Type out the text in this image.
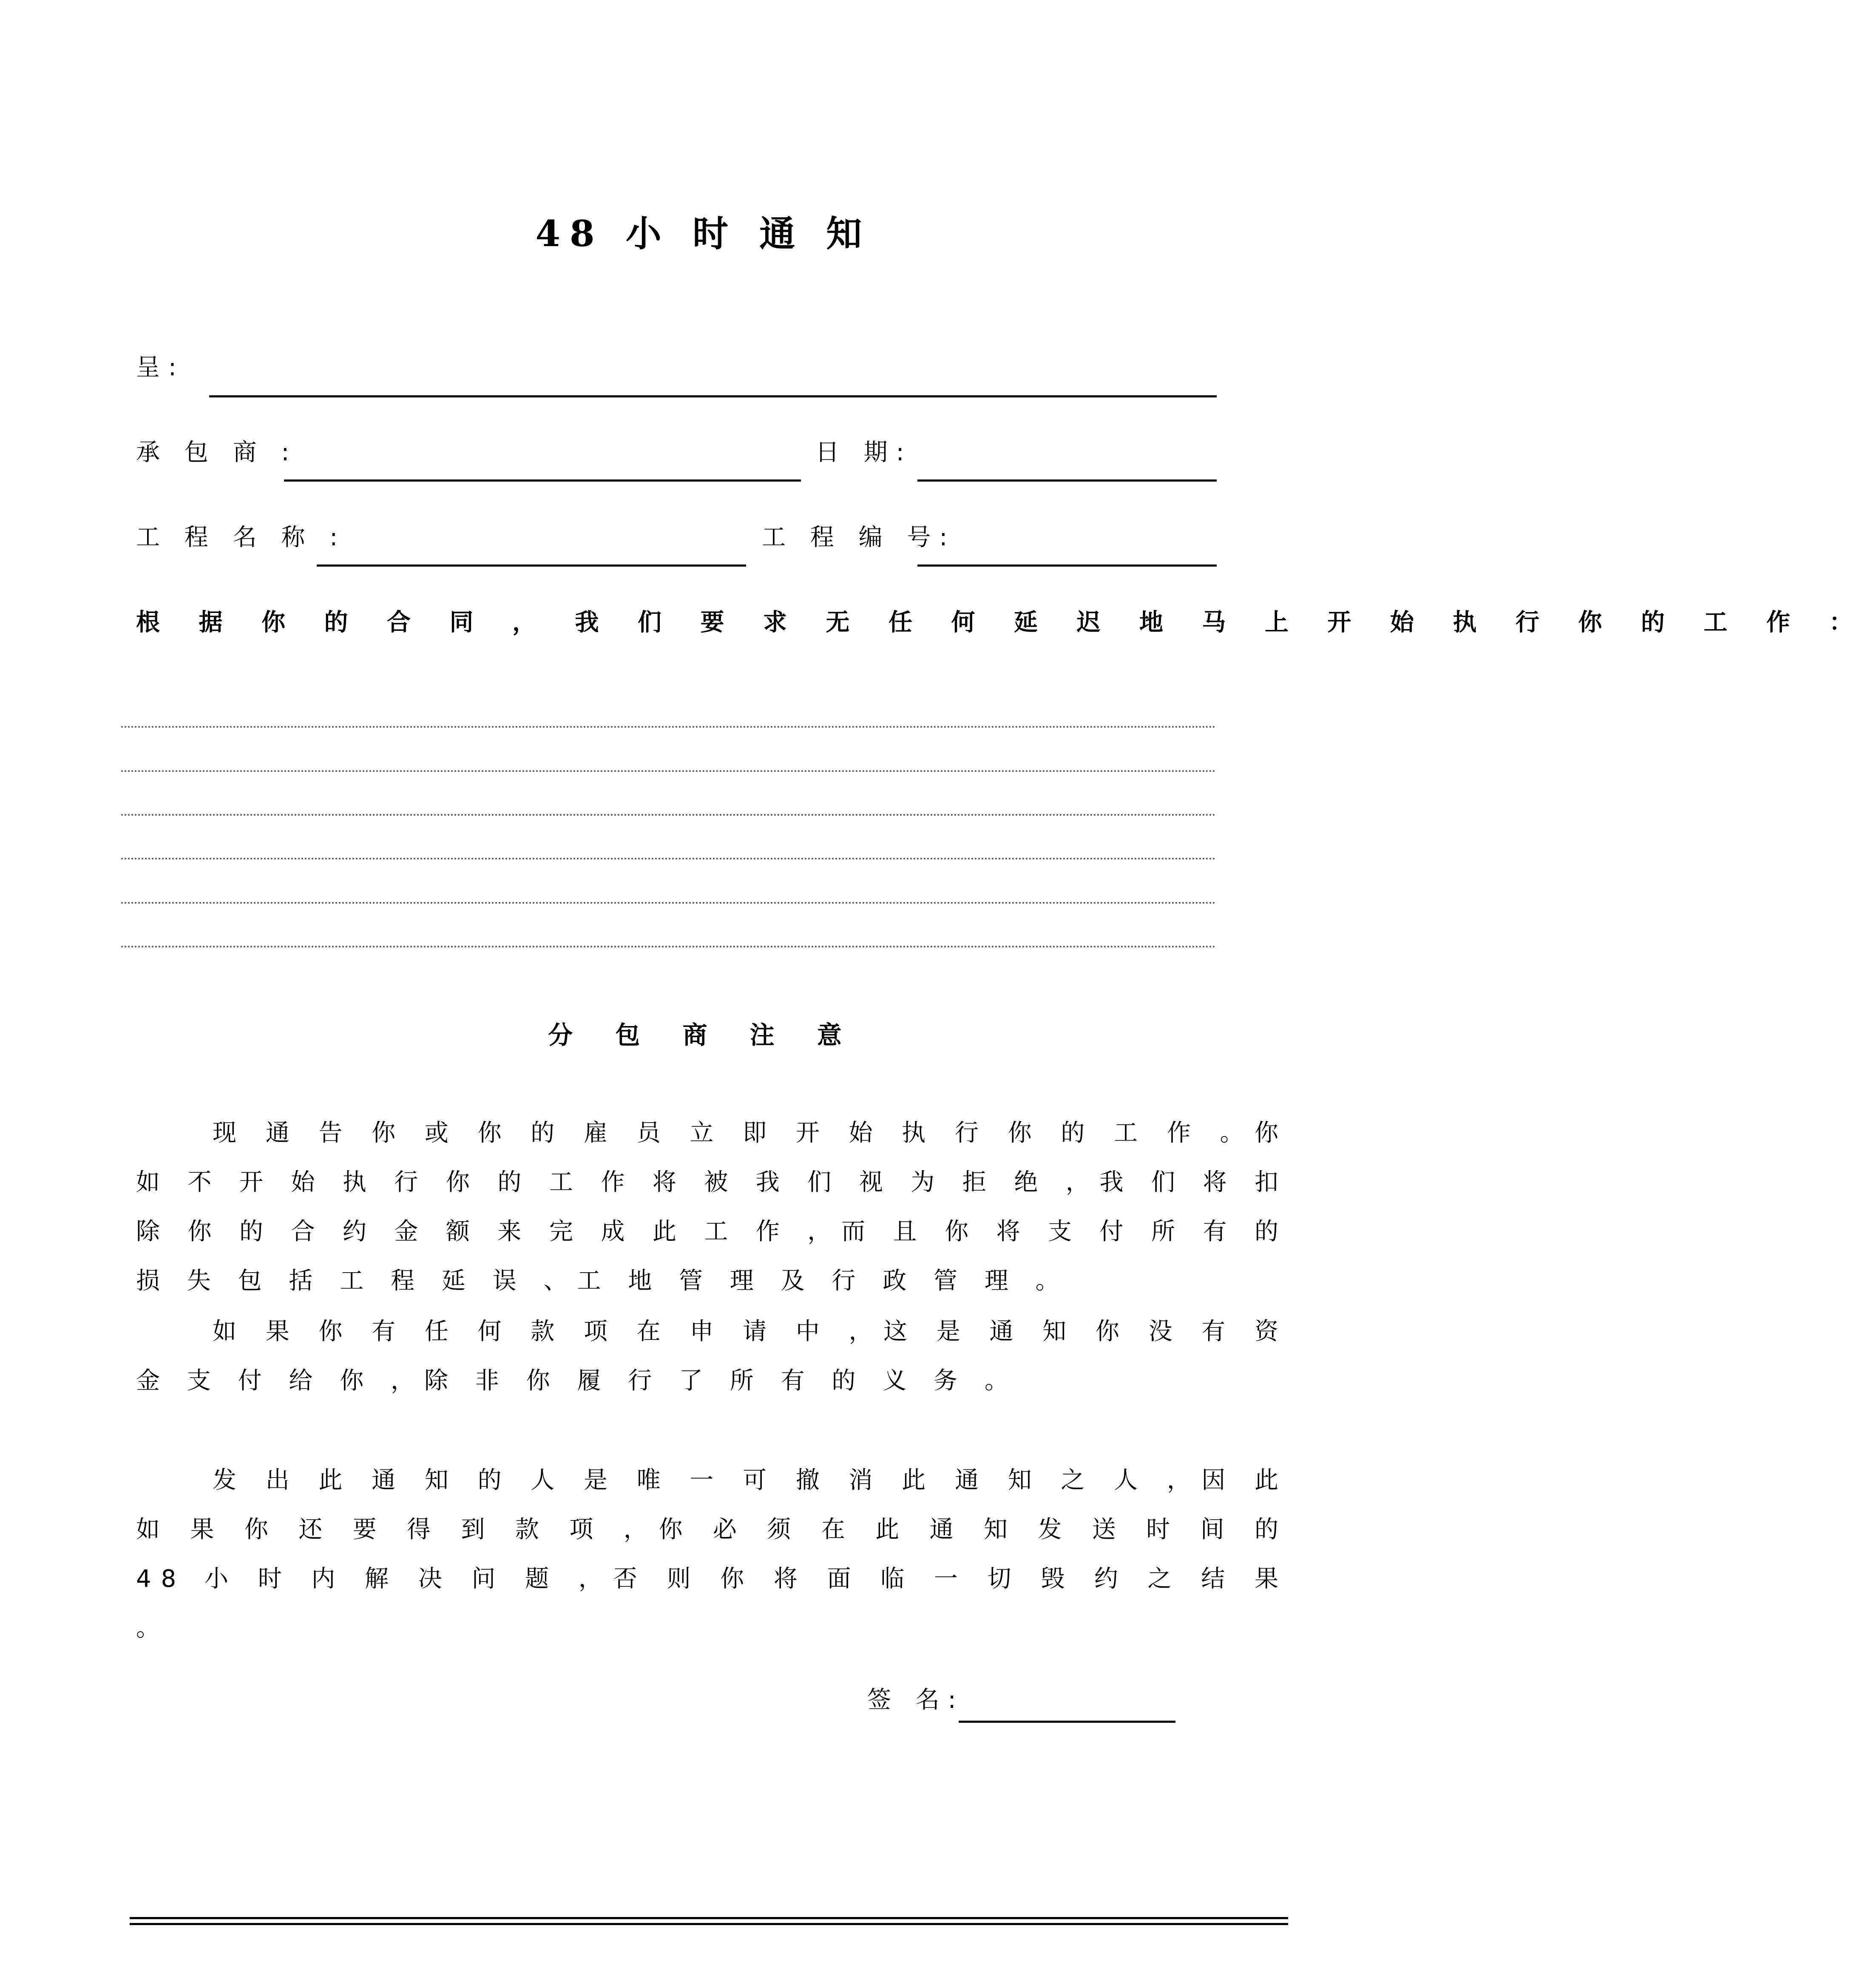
48 小 时 通 知
呈:
承 包 商 :	日 期:
工 程 名 称 :	工 程 编 号:
根 据 你 的 合 同 ， 我 们 要 求 无 任 何 延 迟 地 马 上 开 始 执 行 你 的 工 作 ：
分 包 商 注 意
现 通 告 你 或 你 的 雇 员 立 即 开 始 执 行 你 的 工 作 。你 如 不 开 始 执 行 你 的 工 作 将 被 我 们 视 为 拒 绝 ，我 们 将 扣 除 你 的 合 约 金 额 来 完 成 此 工 作 ，而 且 你 将 支 付 所 有 的 损 失 包 括 工 程 延 误 、工 地 管 理 及 行 政 管 理 。
如 果 你 有 任 何 款 项 在 申 请 中 ，这 是 通 知 你 没 有 资 金 支 付 给 你 ，除 非 你 履 行 了 所 有 的 义 务 。
发 出 此 通 知 的 人 是 唯 一 可 撤 消 此 通 知 之 人 ，因 此 如 果 你 还 要 得 到 款 项 ，你 必 须 在 此 通 知 发 送 时 间 的 48 小 时 内 解 决 问 题 ，否 则 你 将 面 临 一 切 毁 约 之 结 果 。
签 名:
